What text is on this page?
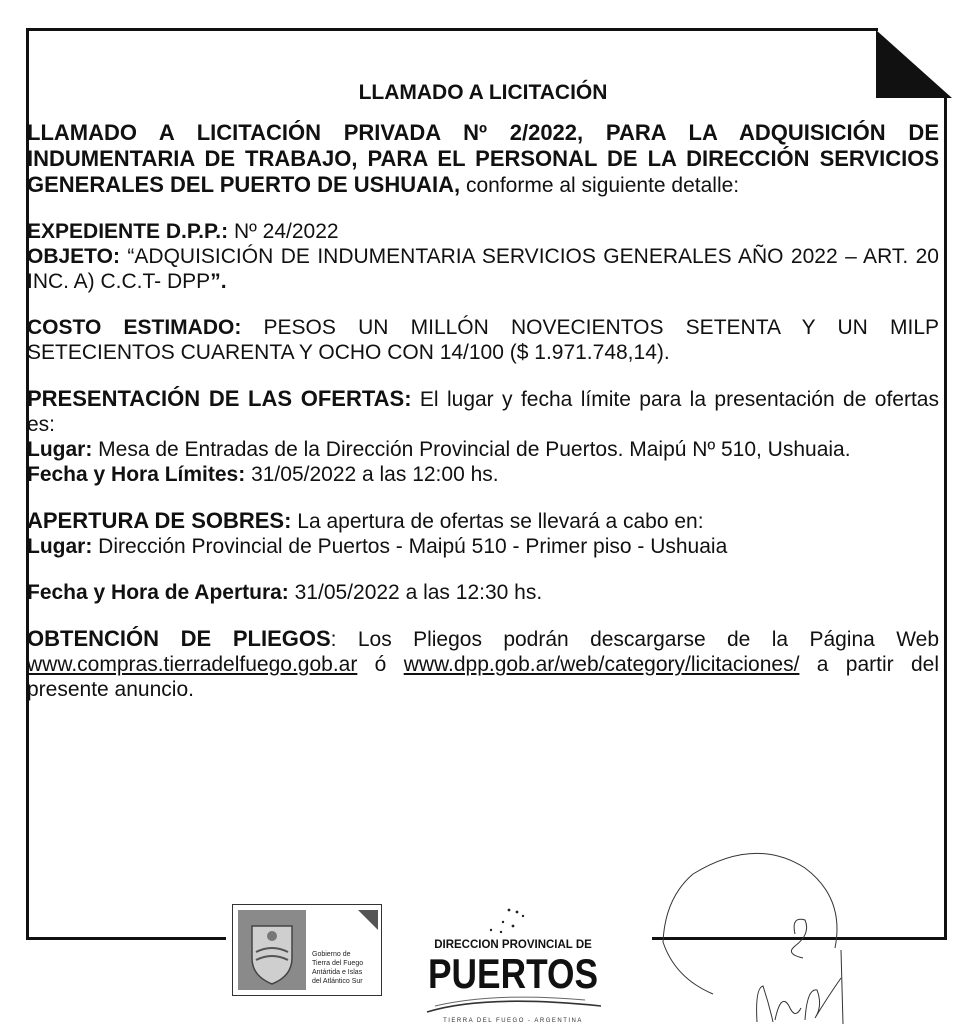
LLAMADO A LICITACIÓN

LLAMADO A LICITACIÓN PRIVADA Nº 2/2022, PARA LA ADQUISICIÓN DE INDUMENTARIA DE TRABAJO, PARA EL PERSONAL DE LA DIRECCIÓN SERVICIOS GENERALES DEL PUERTO DE USHUAIA, conforme al siguiente detalle:

EXPEDIENTE D.P.P.: Nº 24/2022
OBJETO: “ADQUISICIÓN DE INDUMENTARIA SERVICIOS GENERALES AÑO 2022 – ART. 20 INC. A) C.C.T- DPP”.

COSTO ESTIMADO: PESOS UN MILLÓN NOVECIENTOS SETENTA Y UN MILP SETECIENTOS CUARENTA Y OCHO CON 14/100 ($ 1.971.748,14).

PRESENTACIÓN DE LAS OFERTAS: El lugar y fecha límite para la presentación de ofertas es:
Lugar: Mesa de Entradas de la Dirección Provincial de Puertos. Maipú Nº 510, Ushuaia.
Fecha y Hora Límites: 31/05/2022 a las 12:00 hs.

APERTURA DE SOBRES: La apertura de ofertas se llevará a cabo en:
Lugar: Dirección Provincial de Puertos - Maipú 510 - Primer piso - Ushuaia

Fecha y Hora de Apertura: 31/05/2022 a las 12:30 hs.

OBTENCIÓN DE PLIEGOS: Los Pliegos podrán descargarse de la Página Web www.compras.tierradelfuego.gob.ar ó www.dpp.gob.ar/web/category/licitaciones/ a partir del presente anuncio.

Gobierno de
Tierra del Fuego
Antártida e Islas
del Atlántico Sur
DIRECCION PROVINCIAL DE
PUERTOS
TIERRA DEL FUEGO - ARGENTINA
